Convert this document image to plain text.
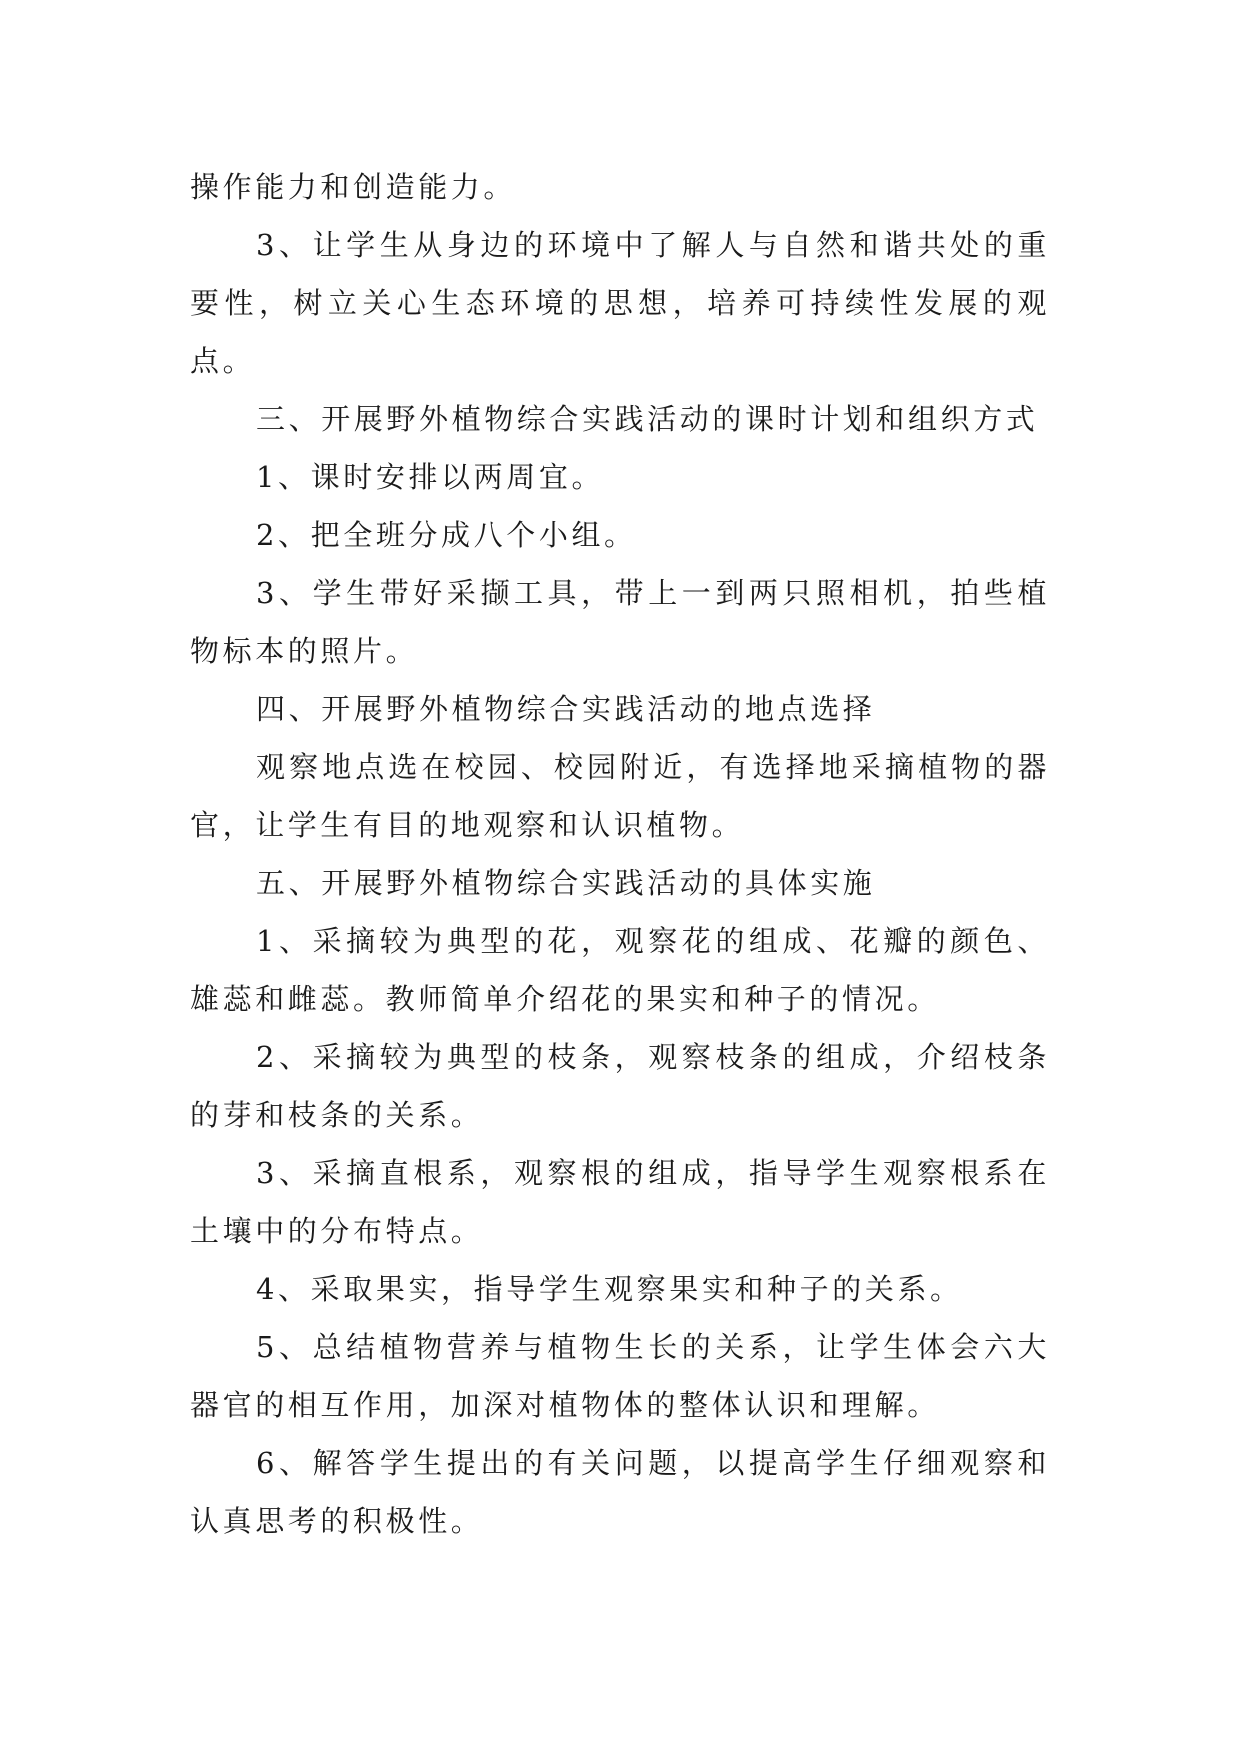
操作能力和创造能力。

3、让学生从身边的环境中了解人与自然和谐共处的重要性，树立关心生态环境的思想，培养可持续性发展的观点。

三、开展野外植物综合实践活动的课时计划和组织方式

1、课时安排以两周宜。

2、把全班分成八个小组。

3、学生带好采撷工具，带上一到两只照相机，拍些植物标本的照片。

四、开展野外植物综合实践活动的地点选择

观察地点选在校园、校园附近，有选择地采摘植物的器官，让学生有目的地观察和认识植物。

五、开展野外植物综合实践活动的具体实施

1、采摘较为典型的花，观察花的组成、花瓣的颜色、雄蕊和雌蕊。教师简单介绍花的果实和种子的情况。

2、采摘较为典型的枝条，观察枝条的组成，介绍枝条的芽和枝条的关系。

3、采摘直根系，观察根的组成，指导学生观察根系在土壤中的分布特点。

4、采取果实，指导学生观察果实和种子的关系。

5、总结植物营养与植物生长的关系，让学生体会六大器官的相互作用，加深对植物体的整体认识和理解。

6、解答学生提出的有关问题，以提高学生仔细观察和认真思考的积极性。
